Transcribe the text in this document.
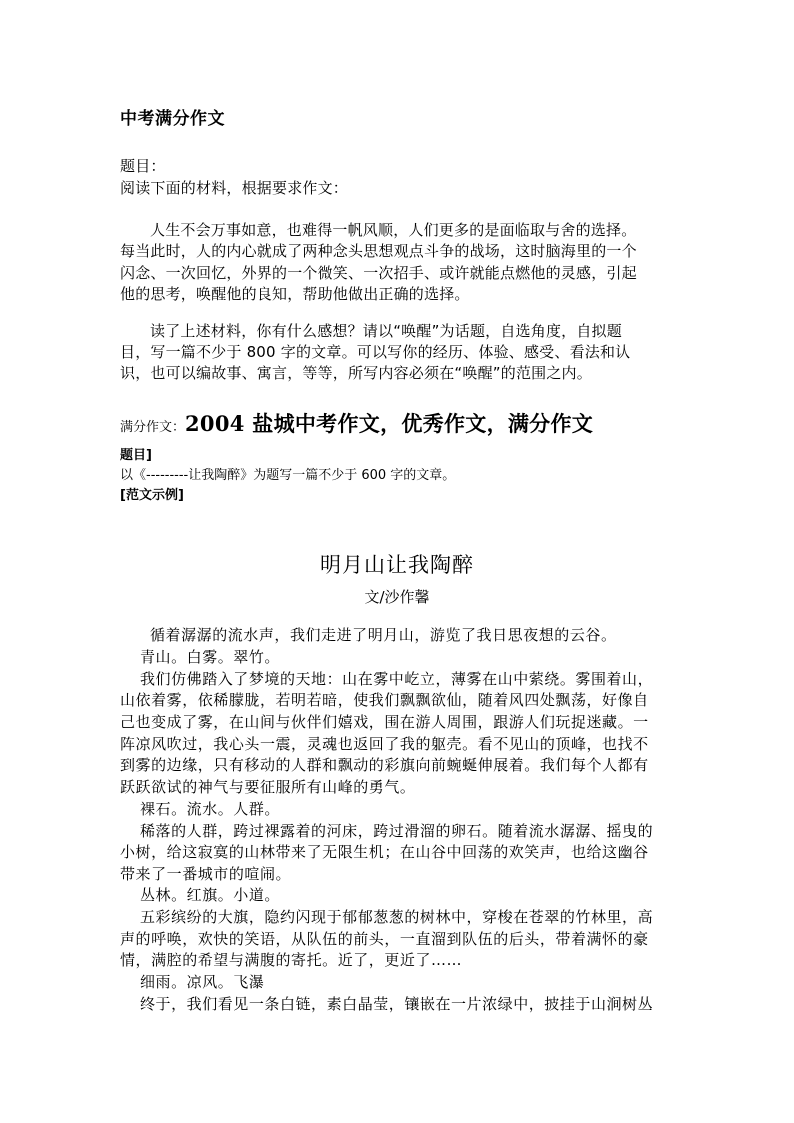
中考满分作文
题目：
阅读下面的材料，根据要求作文：
人生不会万事如意，也难得一帆风顺，人们更多的是面临取与舍的选择。
每当此时，人的内心就成了两种念头思想观点斗争的战场，这时脑海里的一个
闪念、一次回忆，外界的一个微笑、一次招手、或许就能点燃他的灵感，引起
他的思考，唤醒他的良知，帮助他做出正确的选择。
读了上述材料，你有什么感想？请以“唤醒”为话题，自选角度，自拟题
目，写一篇不少于 800 字的文章。可以写你的经历、体验、感受、看法和认
识，也可以编故事、寓言，等等，所写内容必须在“唤醒”的范围之内。
满分作文：2004 盐城中考作文，优秀作文，满分作文
题目]
以《---------让我陶醉》为题写一篇不少于 600 字的文章。
[范文示例]
明月山让我陶醉
文/沙作馨
循着潺潺的流水声，我们走进了明月山，游览了我日思夜想的云谷。
青山。白雾。翠竹。
我们仿佛踏入了梦境的天地：山在雾中屹立，薄雾在山中萦绕。雾围着山，
山依着雾，依稀朦胧，若明若暗，使我们飘飘欲仙，随着风四处飘荡，好像自
己也变成了雾，在山间与伙伴们嬉戏，围在游人周围，跟游人们玩捉迷藏。一
阵凉风吹过，我心头一震，灵魂也返回了我的躯壳。看不见山的顶峰，也找不
到雾的边缘，只有移动的人群和飘动的彩旗向前蜿蜒伸展着。我们每个人都有
跃跃欲试的神气与要征服所有山峰的勇气。
裸石。流水。人群。
稀落的人群，跨过裸露着的河床，跨过滑溜的卵石。随着流水潺潺、摇曳的
小树，给这寂寞的山林带来了无限生机；在山谷中回荡的欢笑声，也给这幽谷
带来了一番城市的喧闹。
丛林。红旗。小道。
五彩缤纷的大旗，隐约闪现于郁郁葱葱的树林中，穿梭在苍翠的竹林里，高
声的呼唤，欢快的笑语，从队伍的前头，一直溜到队伍的后头，带着满怀的豪
情，满腔的希望与满腹的寄托。近了，更近了……
细雨。凉风。飞瀑
终于，我们看见一条白链，素白晶莹，镶嵌在一片浓绿中，披挂于山涧树丛
